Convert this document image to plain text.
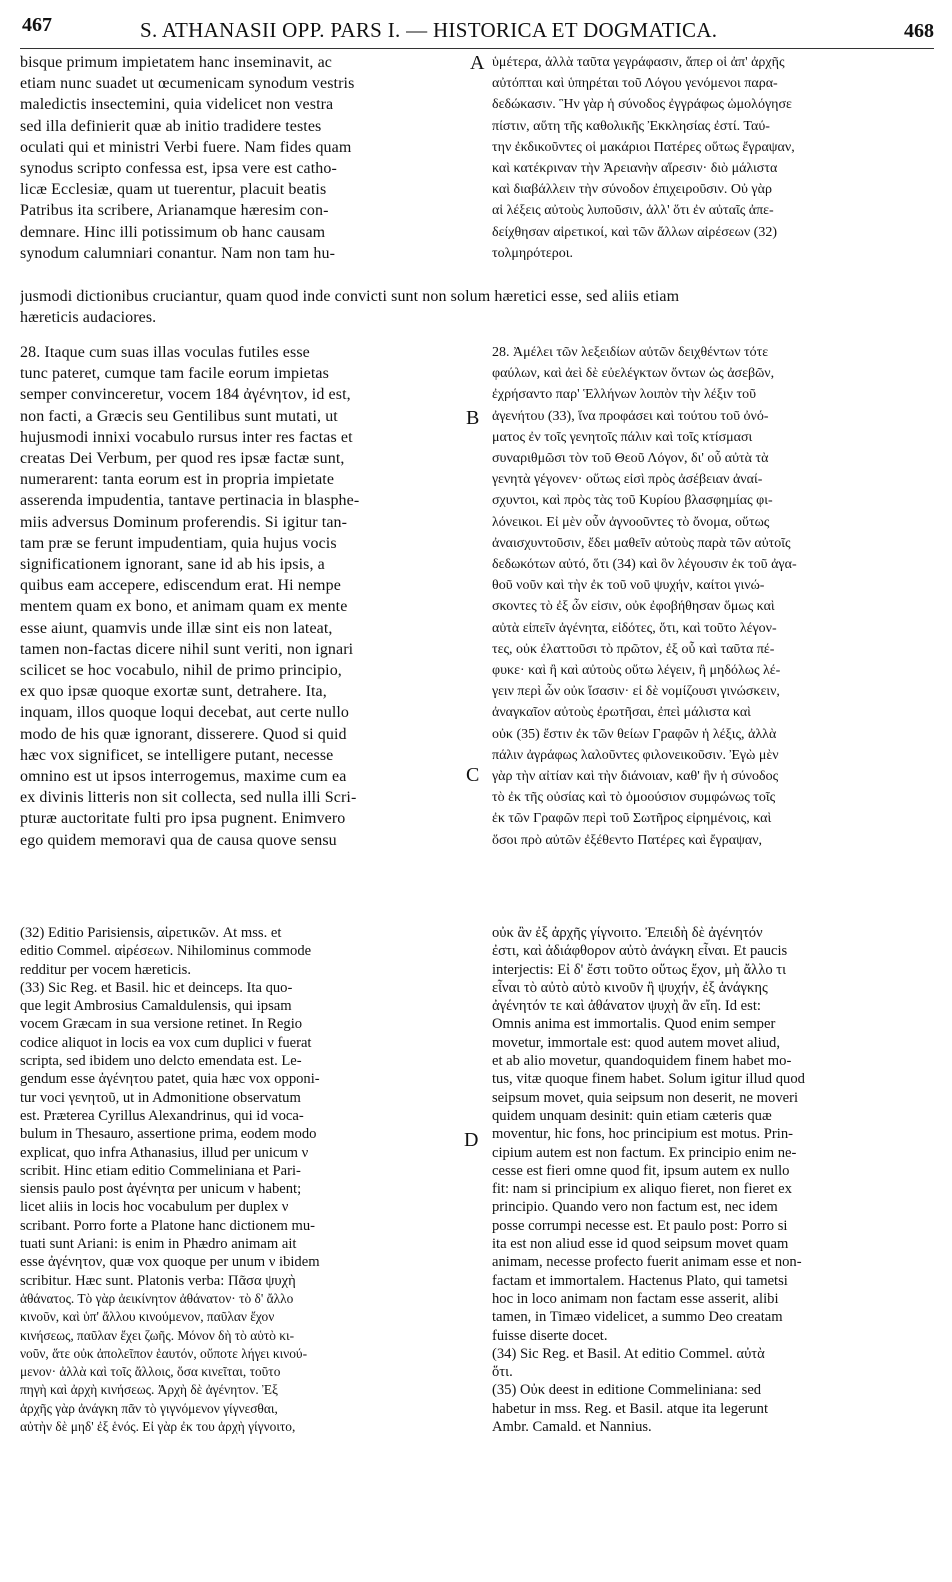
467	S. ATHANASII OPP. PARS I. — HISTORICA ET DOGMATICA.	468
bisque primum impietatem hanc inseminavit, ac
etiam nunc suadet ut œcumenicam synodum vestris
maledictis insectemini, quia videlicet non vestra
sed illa definierit quæ ab initio tradidere testes
oculati qui et ministri Verbi fuere. Nam fides quam
synodus scripto confessa est, ipsa vere est catho-
licæ Ecclesiæ, quam ut tuerentur, placuit beatis
Patribus ita scribere, Arianamque hæresim con-
demnare. Hinc illi potissimum ob hanc causam
synodum calumniari conantur. Nam non tam hu-
ὑμέτερα, ἀλλὰ ταῦτα γεγράφασιν, ἅπερ οἱ ἀπ' ἀρχῆς
αὐτόπται καὶ ὑπηρέται τοῦ Λόγου γενόμενοι παρα-
δεδώκασιν. Ἣν γὰρ ἡ σύνοδος ἐγγράφως ὡμολόγησε
πίστιν, αὕτη τῆς καθολικῆς Ἐκκλησίας ἐστί. Ταύ-
την ἐκδικοῦντες οἱ μακάριοι Πατέρες οὕτως ἔγραψαν,
καὶ κατέκριναν τὴν Ἀρειανὴν αἵρεσιν· διὸ μάλιστα
καὶ διαβάλλειν τὴν σύνοδον ἐπιχειροῦσιν. Οὐ γὰρ
αἱ λέξεις αὐτοὺς λυποῦσιν, ἀλλ' ὅτι ἐν αὐταῖς ἀπε-
δείχθησαν αἱρετικοί, καὶ τῶν ἄλλων αἱρέσεων (32)
τολμηρότεροι.
jusmodi dictionibus cruciantur, quam quod inde convicti sunt non solum hæretici esse, sed aliis etiam
hæreticis audaciores.
28. Itaque cum suas illas voculas futiles esse
tunc pateret, cumque tam facile eorum impietas
semper convinceretur, vocem 184 ἀγένητον, id est,
non facti, a Græcis seu Gentilibus sunt mutati, ut
hujusmodi innixi vocabulo rursus inter res factas et
creatas Dei Verbum, per quod res ipsæ factæ sunt,
numerarent: tanta eorum est in propria impietate
asserenda impudentia, tantave pertinacia in blasphe-
miis adversus Dominum proferendis. Si igitur tan-
tam præ se ferunt impudentiam, quia hujus vocis
significationem ignorant, sane id ab his ipsis, a
quibus eam accepere, ediscendum erat. Hi nempe
mentem quam ex bono, et animam quam ex mente
esse aiunt, quamvis unde illæ sint eis non lateat,
tamen non-factas dicere nihil sunt veriti, non ignari
scilicet se hoc vocabulo, nihil de primo principio,
ex quo ipsæ quoque exortæ sunt, detrahere. Ita,
inquam, illos quoque loqui decebat, aut certe nullo
modo de his quæ ignorant, disserere. Quod si quid
hæc vox significet, se intelligere putant, necesse
omnino est ut ipsos interrogemus, maxime cum ea
ex divinis litteris non sit collecta, sed nulla illi Scri-
pturæ auctoritate fulti pro ipsa pugnent. Enimvero
ego quidem memoravi qua de causa quove sensu
28. Ἀμέλει τῶν λεξειδίων αὐτῶν δειχθέντων τότε
φαύλων, καὶ ἀεὶ δὲ εὐελέγκτων ὄντων ὡς ἀσεβῶν,
ἐχρήσαντο παρ' Ἑλλήνων λοιπὸν τὴν λέξιν τοῦ
ἀγενήτου (33), ἵνα προφάσει καὶ τούτου τοῦ ὀνό-
ματος ἐν τοῖς γενητοῖς πάλιν καὶ τοῖς κτίσμασι
συναριθμῶσι τὸν τοῦ Θεοῦ Λόγον, δι' οὗ αὐτὰ τὰ
γενητὰ γέγονεν· οὕτως εἰσὶ πρὸς ἀσέβειαν ἀναί-
σχυντοι, καὶ πρὸς τὰς τοῦ Κυρίου βλασφημίας φι-
λόνεικοι. Εἰ μὲν οὖν ἀγνοοῦντες τὸ ὄνομα, οὕτως
ἀναισχυντοῦσιν, ἔδει μαθεῖν αὐτοὺς παρὰ τῶν αὐτοῖς
δεδωκότων αὐτό, ὅτι (34) καὶ ὃν λέγουσιν ἐκ τοῦ ἀγα-
θοῦ νοῦν καὶ τὴν ἐκ τοῦ νοῦ ψυχήν, καίτοι γινώ-
σκοντες τὸ ἐξ ὧν εἰσιν, οὐκ ἐφοβήθησαν ὅμως καὶ
αὐτὰ εἰπεῖν ἀγένητα, εἰδότες, ὅτι, καὶ τοῦτο λέγον-
τες, οὐκ ἐλαττοῦσι τὸ πρῶτον, ἐξ οὗ καὶ ταῦτα πέ-
φυκε· καὶ ἢ καὶ αὐτοὺς οὕτω λέγειν, ἢ μηδόλως λέ-
γειν περὶ ὧν οὐκ ἴσασιν· εἰ δὲ νομίζουσι γινώσκειν,
ἀναγκαῖον αὐτοὺς ἐρωτῆσαι, ἐπεὶ μάλιστα καὶ
οὐκ (35) ἔστιν ἐκ τῶν θείων Γραφῶν ἡ λέξις, ἀλλὰ
πάλιν ἀγράφως λαλοῦντες φιλονεικοῦσιν. Ἐγὼ μὲν
γὰρ τὴν αἰτίαν καὶ τὴν διάνοιαν, καθ' ἣν ἡ σύνοδος
τὸ ἐκ τῆς οὐσίας καὶ τὸ ὁμοούσιον συμφώνως τοῖς
ἐκ τῶν Γραφῶν περὶ τοῦ Σωτῆρος εἰρημένοις, καὶ
ὅσοι πρὸ αὐτῶν ἐξέθεντο Πατέρες καὶ ἔγραψαν,
(32) Editio Parisiensis, αἱρετικῶν. At mss. et
editio Commel. αἱρέσεων. Nihilominus commode
redditur per vocem hæreticis.
(33) Sic Reg. et Basil. hic et deinceps. Ita quo-
que legit Ambrosius Camaldulensis, qui ipsam
vocem Græcam in sua versione retinet. In Regio
codice aliquot in locis ea vox cum duplici ν fuerat
scripta, sed ibidem uno delcto emendata est. Le-
gendum esse ἀγένητου patet, quia hæc vox opponi-
tur voci γενητοῦ, ut in Admonitione observatum
est. Præterea Cyrillus Alexandrinus, qui id voca-
bulum in Thesauro, assertione prima, eodem modo
explicat, quo infra Athanasius, illud per unicum ν
scribit. Hinc etiam editio Commeliniana et Pari-
siensis paulo post ἀγένητα per unicum ν habent;
licet aliis in locis hoc vocabulum per duplex ν
scribant. Porro forte a Platone hanc dictionem mu-
tuati sunt Ariani: is enim in Phædro animam ait
esse ἀγένητον, quæ vox quoque per unum ν ibidem
scribitur. Hæc sunt. Platonis verba: Πᾶσα ψυχὴ
ἀθάνατος. Τὸ γὰρ ἀεικίνητον ἀθάνατον· τὸ δ' ἄλλο
κινοῦν, καὶ ὑπ' ἄλλου κινούμενον, παῦλαν ἔχον
κινήσεως, παῦλαν ἔχει ζωῆς. Μόνον δὴ τὸ αὑτὸ κι-
νοῦν, ἅτε οὐκ ἀπολεῖπον ἑαυτόν, οὔποτε λήγει κινού-
μενον· ἀλλὰ καὶ τοῖς ἄλλοις, ὅσα κινεῖται, τοῦτο
πηγὴ καὶ ἀρχὴ κινήσεως. Ἀρχὴ δὲ ἀγένητον. Ἐξ
ἀρχῆς γὰρ ἀνάγκη πᾶν τὸ γιγνόμενον γίγνεσθαι,
αὐτὴν δὲ μηδ' ἐξ ἑνός. Εἰ γὰρ ἐκ του ἀρχὴ γίγνοιτο,
οὐκ ἂν ἐξ ἀρχῆς γίγνοιτο. Ἐπειδὴ δὲ ἀγένητόν
ἐστι, καὶ ἀδιάφθορον αὐτὸ ἀνάγκη εἶναι. Et paucis
interjectis: Εἰ δ' ἔστι τοῦτο οὕτως ἔχον, μὴ ἄλλο τι
εἶναι τὸ αὐτὸ αὑτὸ κινοῦν ἢ ψυχήν, ἐξ ἀνάγκης
ἀγένητόν τε καὶ ἀθάνατον ψυχὴ ἂν εἴη. Id est:
Omnis anima est immortalis. Quod enim semper
movetur, immortale est: quod autem movet aliud,
et ab alio movetur, quandoquidem finem habet mo-
tus, vitæ quoque finem habet. Solum igitur illud quod
seipsum movet, quia seipsum non deserit, ne moveri
quidem unquam desinit: quin etiam cæteris quæ
moventur, hic fons, hoc principium est motus. Prin-
cipium autem est non factum. Ex principio enim ne-
cesse est fieri omne quod fit, ipsum autem ex nullo
fit: nam si principium ex aliquo fieret, non fieret ex
principio. Quando vero non factum est, nec idem
posse corrumpi necesse est. Et paulo post: Porro si
ita est non aliud esse id quod seipsum movet quam
animam, necesse profecto fuerit animam esse et non-
factam et immortalem. Hactenus Plato, qui tametsi
hoc in loco animam non factam esse asserit, alibi
tamen, in Timæo videlicet, a summo Deo creatam
fuisse diserte docet.
(34) Sic Reg. et Basil. At editio Commel. αὐτὰ
ὅτι.
(35) Οὐκ deest in editione Commeliniana: sed
habetur in mss. Reg. et Basil. atque ita legerunt
Ambr. Camald. et Nannius.
A
B
C
D
